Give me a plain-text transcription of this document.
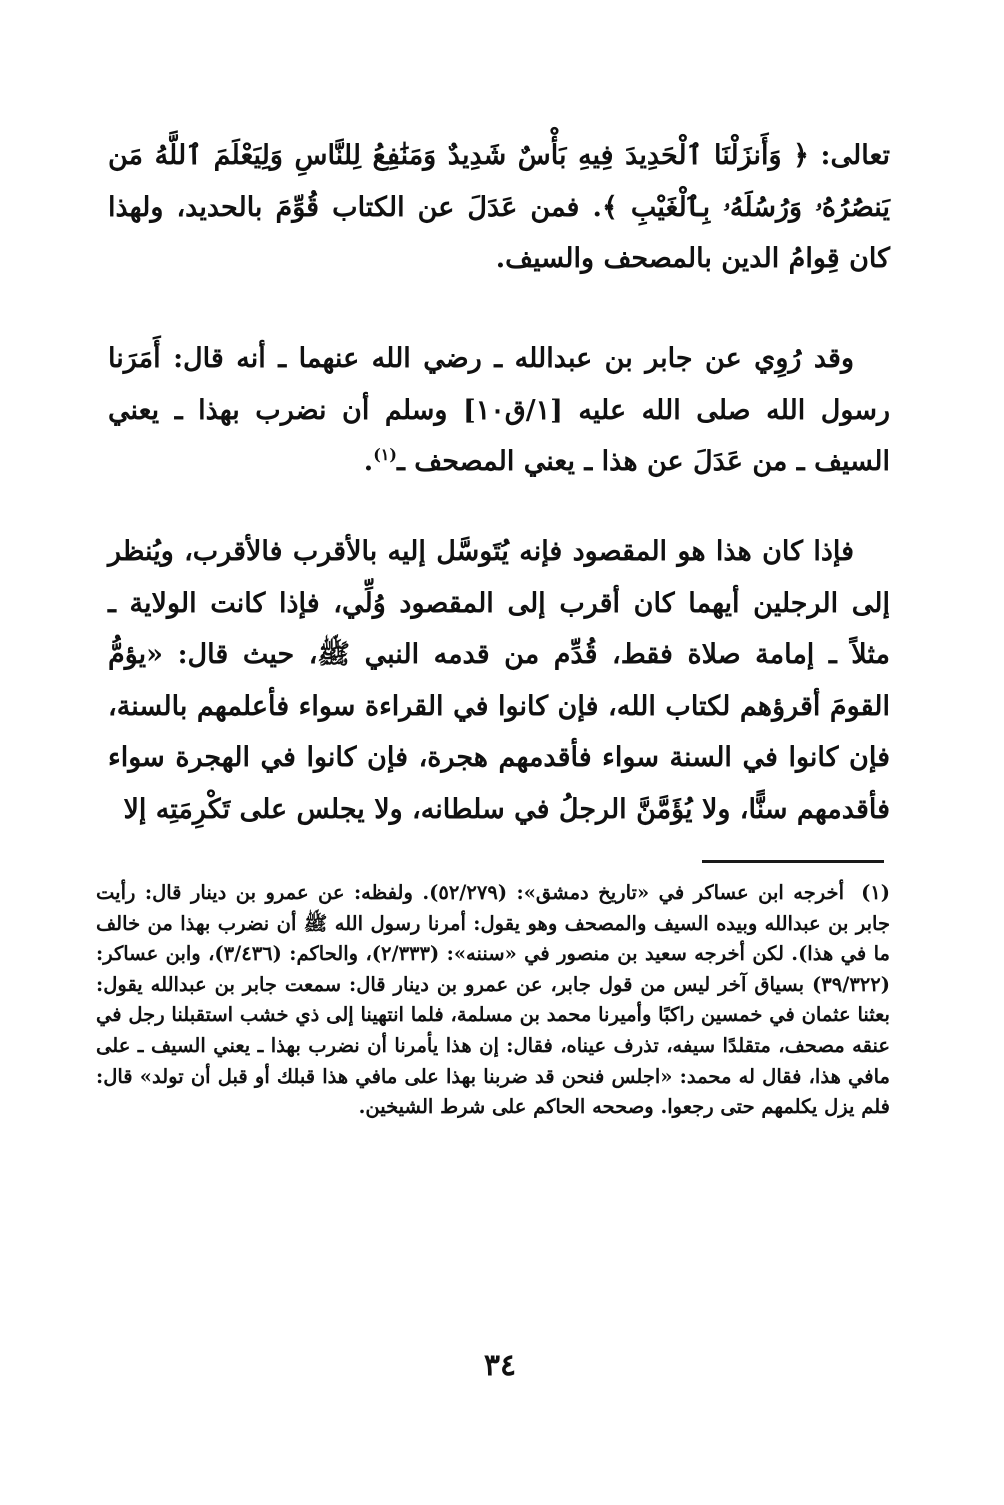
تعالى: ﴿ وَأَنزَلْنَا ٱلْحَدِيدَ فِيهِ بَأْسٌ شَدِيدٌ وَمَنَٰفِعُ لِلنَّاسِ وَلِيَعْلَمَ ٱللَّهُ مَن يَنصُرُهُۥ وَرُسُلَهُۥ بِٱلْغَيْبِ ﴾. فمن عَدَلَ عن الكتاب قُوِّمَ بالحديد، ولهذا كان قِوامُ الدين بالمصحف والسيف.

وقد رُوِي عن جابر بن عبدالله ـ رضي الله عنهما ـ أنه قال: أَمَرَنا رسول الله صلى الله عليه [١/ق١٠] وسلم أن نضرب بهذا ـ يعني السيف ـ من عَدَلَ عن هذا ـ يعني المصحف ـ$^{(١)}$.

فإذا كان هذا هو المقصود فإنه يُتَوسَّل إليه بالأقرب فالأقرب، ويُنظر إلى الرجلين أيهما كان أقرب إلى المقصود وُلِّي، فإذا كانت الولاية ـ مثلاً ـ إمامة صلاة فقط، قُدِّم من قدمه النبي ﷺ، حيث قال: «يؤمُّ القومَ أقرؤهم لكتاب الله، فإن كانوا في القراءة سواء فأعلمهم بالسنة، فإن كانوا في السنة سواء فأقدمهم هجرة، فإن كانوا في الهجرة سواء فأقدمهم سنًّا، ولا يُؤَمَّنَّ الرجلُ في سلطانه، ولا يجلس على تَكْرِمَتِه إلا

(١)أخرجه ابن عساكر في «تاريخ دمشق»: (٥٢/٢٧٩). ولفظه: عن عمرو بن دينار قال: رأيت جابر بن عبدالله وبيده السيف والمصحف وهو يقول: أمرنا رسول الله ﷺ أن نضرب بهذا من خالف ما في هذا). لكن أخرجه سعيد بن منصور في «سننه»: (٢/٣٣٣)، والحاكم: (٣/٤٣٦)، وابن عساكر: (٣٩/٣٢٢) بسياق آخر ليس من قول جابر، عن عمرو بن دينار قال: سمعت جابر بن عبدالله يقول: بعثنا عثمان في خمسين راكبًا وأميرنا محمد بن مسلمة، فلما انتهينا إلى ذي خشب استقبلنا رجل في عنقه مصحف، متقلدًا سيفه، تذرف عيناه، فقال: إن هذا يأمرنا أن نضرب بهذا ـ يعني السيف ـ على مافي هذا، فقال له محمد: «اجلس فنحن قد ضربنا بهذا على مافي هذا قبلك أو قبل أن تولد» قال: فلم يزل يكلمهم حتى رجعوا. وصححه الحاكم على شرط الشيخين.

٣٤
